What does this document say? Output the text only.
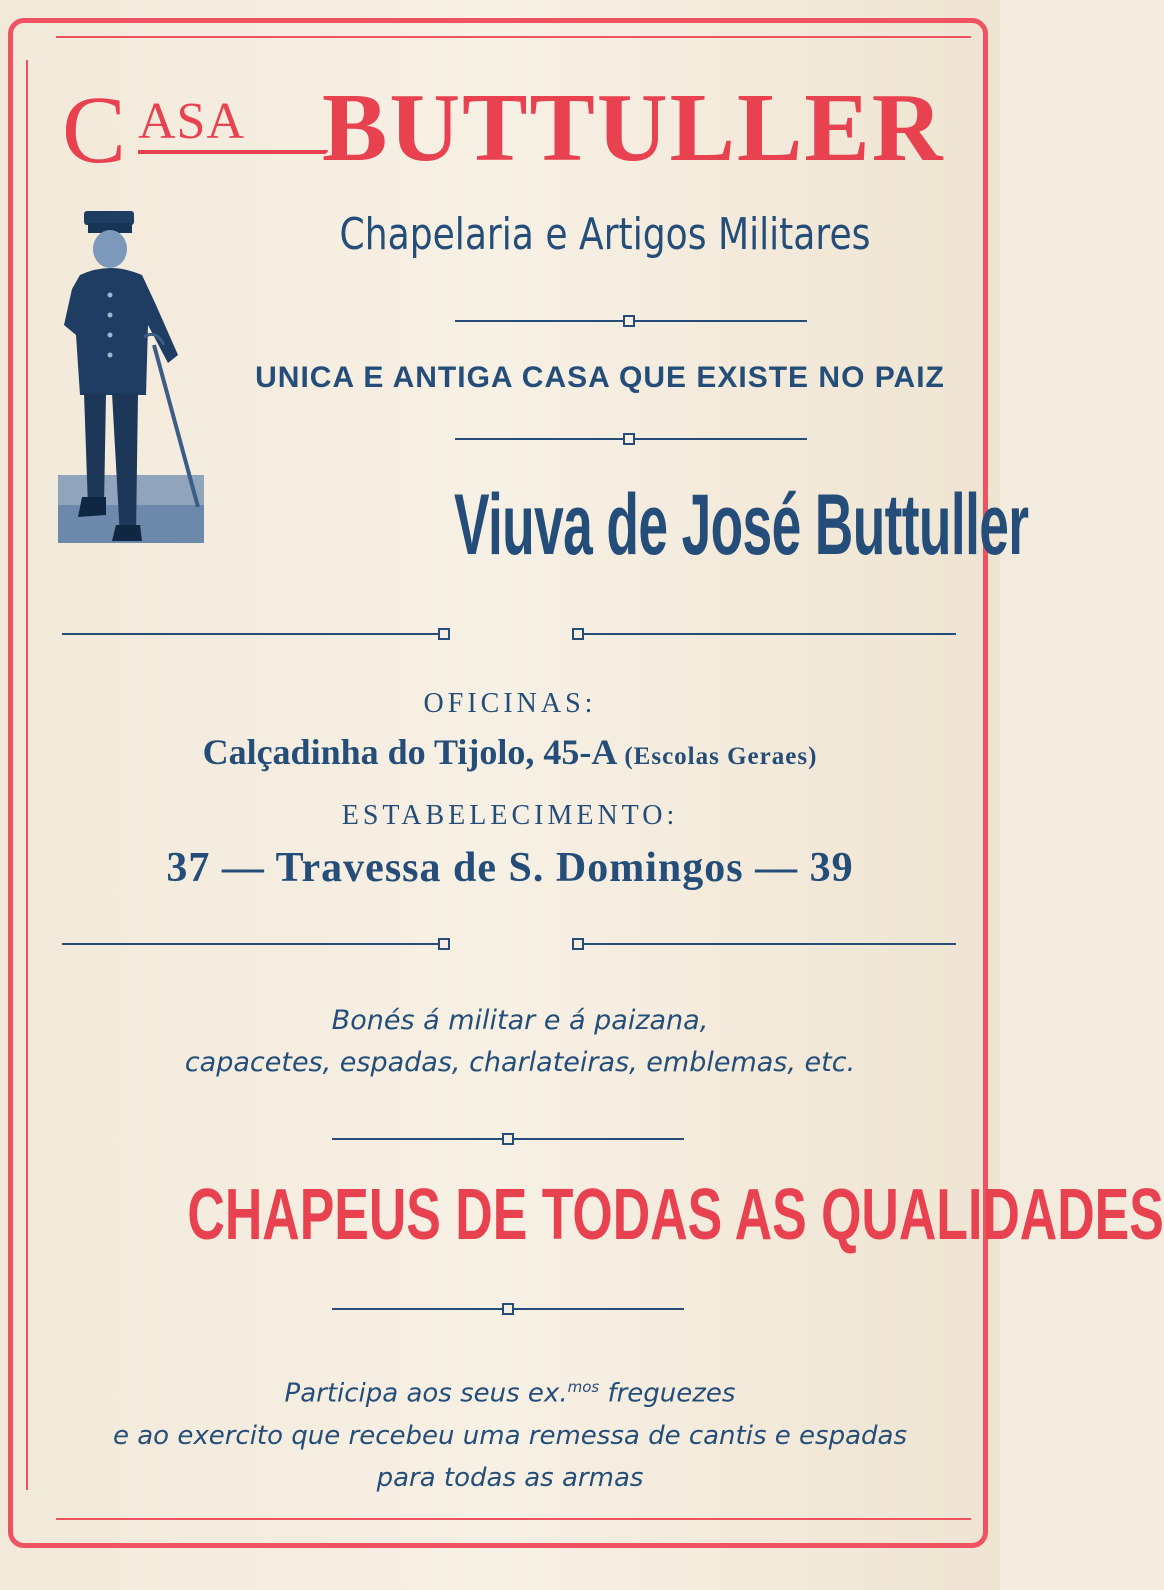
C ASA BUTTULLER
Chapelaria e Artigos Militares
UNICA E ANTIGA CASA QUE EXISTE NO PAIZ
Viuva de José Buttuller
OFICINAS:
Calçadinha do Tijolo, 45-A (Escolas Geraes)
ESTABELECIMENTO:
37 — Travessa de S. Domingos — 39
Bonés á militar e á paizana,
capacetes, espadas, charlateiras, emblemas, etc.
CHAPEUS DE TODAS AS QUALIDADES
Participa aos seus ex.$^{mos}$ freguezes
e ao exercito que recebeu uma remessa de cantis e espadas
para todas as armas
